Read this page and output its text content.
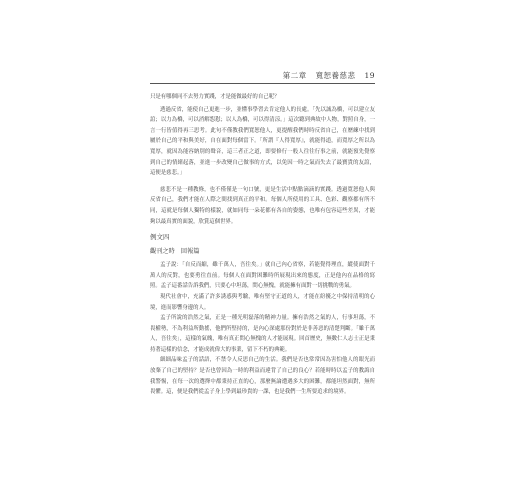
第二章 寬恕養慈悲 19

只是有哪個同不去努力實踐，才是能做最好的自己呢？

透過反省，能使自己更進一步，並懂事學習去肯定他人的長處。「先以誠為橋，可以建立友誼；以力為橋，可以消解怨懟；以人為橋，可以得清涼。」這次聽到典故中人物，對照自身，一言一行皆值得再三思考。此句不僅教我們寬恕他人，更提醒我們時時反省自己，在歷練中找到屬於自己的平和與美好，自在面對每個當下。「所謂『人得寬厚』，就能得道，而寬厚之所以為寬厚，就因為能容納別的聲音，這三者正之道，即要修行一般人往往行事之前，就能預先覺察到自己的情緒起落，並進一步改變自己做事的方式，以免因一時之氣而失去了最寶貴的友誼，這便是慈悲。」

慈悲不是一種教條，也不僅僅是一句口號，更是生活中點點滴滴的實踐。透過寬恕他人與反省自己，我們才能在人際之間找到真正的平和。每個人所使用的工具、色彩、觀察都有所不同，這就是每個人獨特的樣貌，就如同每一朵花都有各自的姿態，也唯有包容這些差異，才能夠以最真實的面貌，欣賞這個世界。

例文四
觀刊之時　回報篇

孟子說：「自反而縮，雖千萬人，吾往矣。」就自己內心省察，若能覺得理直，縱使面對千萬人的反對，也要勇往直前。每個人在面對困難時所展現出來的態度，正是他內在品格的寫照。孟子這番話告訴我們，只要心中坦蕩，問心無愧，就能擁有面對一切挑戰的勇氣。

現代社會中，充滿了許多誘惑與考驗，唯有堅守正道的人，才能在紛擾之中保持清明的心境，進而影響身邊的人。

孟子所說的浩然之氣，正是一種光明磊落的精神力量。擁有浩然之氣的人，行事坦蕩，不畏權勢，不為利益所動搖，他們所堅持的，是內心深處那份對於是非善惡的清楚判斷。「雖千萬人，吾往矣」，這樣的氣魄，唯有真正問心無愧的人才能展現。回首歷史，無數仁人志士正是秉持著這樣的信念，才能成就偉大的事業，留下不朽的典範。

細細品味孟子的話語，不禁令人反思自己的生活。我們是否也常常因為害怕他人的眼光而放棄了自己的堅持？是否也曾因為一時的利益而違背了自己的良心？若能時時以孟子的教誨自我警惕，在每一次的選擇中都秉持正直的心，那麼無論遭遇多大的困難，都能坦然面對，無所畏懼。這，便是我們從孟子身上學到最珍貴的一課，也是我們一生所要追求的境界。
